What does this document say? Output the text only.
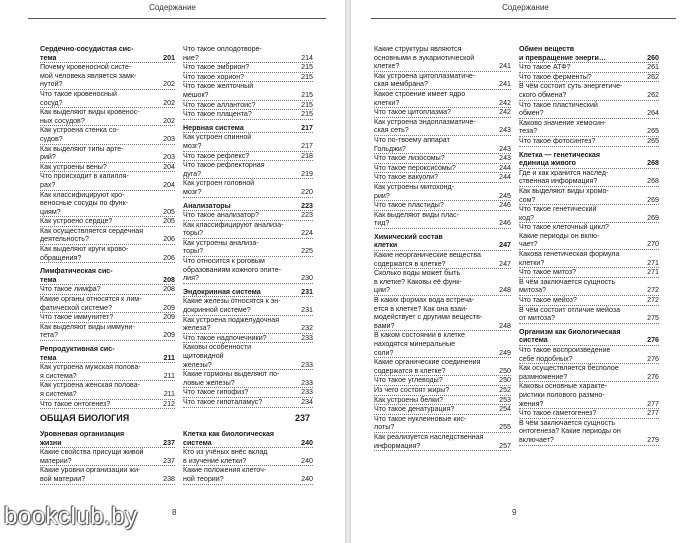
Содержание
Сердечно-сосудистая сис-
тема	201
Почему кровеносной систе-
мой человека является замк-
нутой?	202
Что такое кровеносный
сосуд?	202
Как выделяют виды кровенос-
ных сосудов?	202
Как устроена стенка со-
судов?	203
Как выделяют типы арте-
рий?	203
Как устроены вены?	204
Что происходит в капилля-
рах?	204
Как классифицируют кро-
веносные сосуды по функ-
циям?	205
Как устроено сердце?	205
Как осуществляется сердечная
деятельность?	206
Как выделяют круги крово-
обращения?	206
Лимфатическая сис-
тема	208
Что такое лимфа?	208
Какие органы относятся к лим-
фатической системе?	209
Что такое иммунитет?	209
Как выделяют виды иммуни-
тета?	209
Репродуктивная сис-
тема	211
Как устроена мужская полова-
я система?	211
Как устроена женская полова-
я система?	211
Что такое онтогенез?	212
Что такое оплодотворе-
ние?	214
Что такое эмбрион?	215
Что такое хорион?	215
Что такое желточный
мешок?	215
Что такое аллантоис?	215
Что такое плацента?	215
Нервная система	217
Как устроен спинной
мозг?	217
Что такое рефлекс?	218
Что такое рефлекторная
дуга?	219
Как устроен головной
мозг?	220
Анализаторы	223
Что такое анализатор?	223
Как классифицируют анализа-
торы?	224
Как устроены анализа-
торы?	225
Что относится к роговым
образованиям кожного эпите-
лия?	230
Эндокринная система	231
Какие железы относятся к эн-
докринной системе?	231
Как устроена поджелудочная
железа?	232
Что такое надпочечники?	233
Каковы особенности щитовидной
железы?	233
Какие гормоны выделяют по-
ловые железы?	233
Что такое гипофиз?	233
Что такое гипоталамус?	234
ОБЩАЯ БИОЛОГИЯ	237
Уровневая организация
жизни	237
Какие свойства присущи живой
материи?	237
Какие уровни организации жи-
вой материи?	238
Клетка как биологическая
система	240
Кто из учёных внёс вклад
в изучение клетки?	240
Какие положения клеточ-
ной теории?	240
8
Содержание
Какие структуры являются
основными в эукариотической
клетке?	241
Как устроена цитоплазматиче-
ская мембрана?	241
Какое строение имеет ядро
клетки?	242
Что такое цитоплазма?	242
Как устроена эндоплазматиче-
ская сеть?	243
Что по-твоему аппарат
Гольджи?	243
Что такое лизосомы?	243
Что такое пероксисомы?	244
Что такое вакуоли?	244
Как устроены митохонд-
рии?	245
Что такое пластиды?	246
Как выделяют виды плас-
тид?	246
Химический состав
клетки	247
Какие неорганические вещества
содержатся в клетке?	247
Сколько воды может быть
в клетке? Каковы её функ-
ции?	248
В каких формах вода встреча-
ется в клетке? Как она взаи-
модействует с другими веществ-
вами?	248
В каком состоянии в клетке
находятся минеральные
соли?	249
Какие органические соединения
содержатся в клетке?	250
Что такое углеводы?	250
Из чего состоят жиры?	252
Как устроены белки?	253
Что такое денатурация?	254
Что такое нуклеиновые кис-
лоты?	255
Как реализуется наследственная
информация?	257
Обмен веществ
и превращение энерги…	260
Что такое АТФ?	261
Что такое ферменты?	262
В чём состоит суть энергетиче-
ского обмена?	262
Что такое пластический
обмен?	264
Каково значение хемосин-
теза?	265
Что такое фотосинтез?	265
Клетка — генетическая
единица живого	268
Где и как хранится наслед-
ственная информация?	268
Как выделяют виды хромо-
сом?	269
Что такое генетический
код?	269
Что такое клеточный цикл?
Какие периоды он вклю-
чает?	270
Какова генетическая формула
клетки?	271
Что такое митоз?	271
В чём заключается сущность
митоза?	272
Что такое мейоз?	272
В чём состоит отличие мейоза
от митоза?	275
Организм как биологическая
система	276
Что такое воспроизведение
себе подобных?	276
Как осуществляется бесполое
размножение?	276
Каковы основные характе-
ристики полового размно-
жения?	277
Что такое гаметогенез?	277
В чём заключается сущность
онтогенеза? Какие периоды он
включает?	279
9
bookclub.by
